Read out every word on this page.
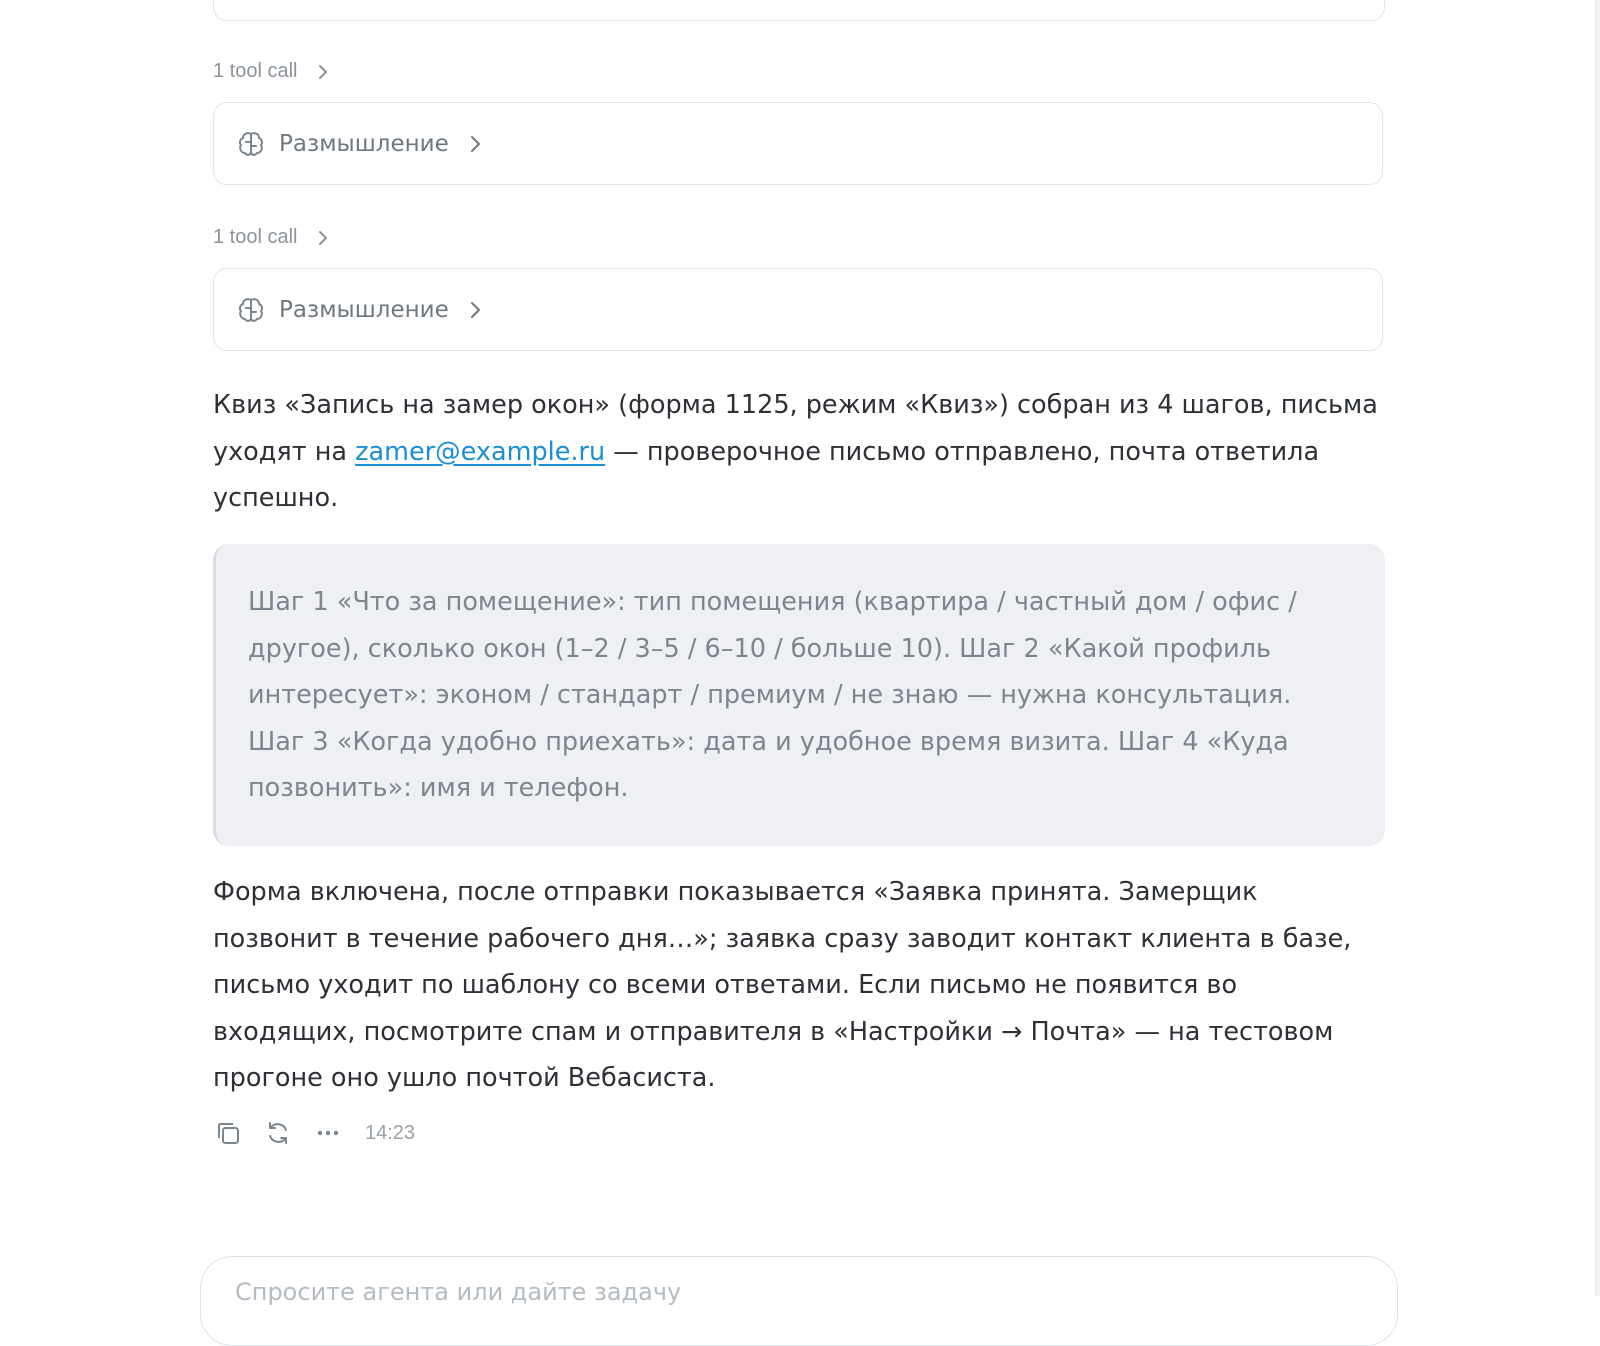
1 tool call
Размышление
1 tool call
Размышление
Квиз «Запись на замер окон» (форма 1125, режим «Квиз») собран из 4 шагов, письма уходят на zamer@example.ru — проверочное письмо отправлено, почта ответила успешно.
Шаг 1 «Что за помещение»: тип помещения (квартира / частный дом / офис / другое), сколько окон (1–2 / 3–5 / 6–10 / больше 10). Шаг 2 «Какой профиль интересует»: эконом / стандарт / премиум / не знаю — нужна консультация. Шаг 3 «Когда удобно приехать»: дата и удобное время визита. Шаг 4 «Куда позвонить»: имя и телефон.
Форма включена, после отправки показывается «Заявка принята. Замерщик позвонит в течение рабочего дня…»; заявка сразу заводит контакт клиента в базе, письмо уходит по шаблону со всеми ответами. Если письмо не появится во входящих, посмотрите спам и отправителя в «Настройки → Почта» — на тестовом прогоне оно ушло почтой Вебасиста.
14:23
Спросите агента или дайте задачу
